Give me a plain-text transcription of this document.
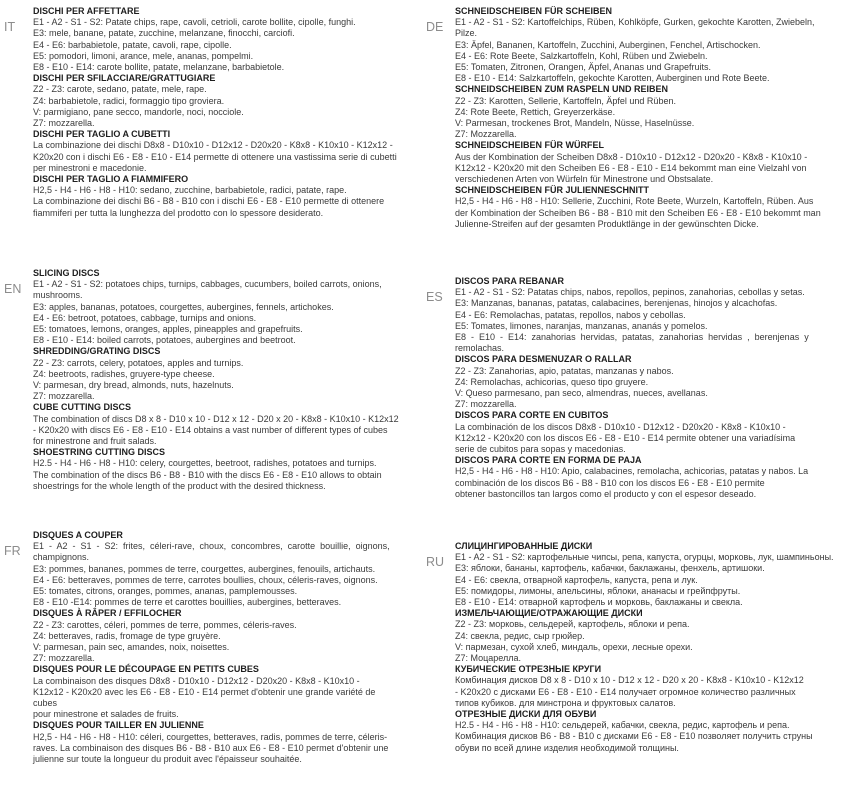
IT
DISCHI PER AFFETTARE
E1 - A2 - S1 - S2: Patate chips, rape, cavoli, cetrioli, carote bollite, cipolle, funghi.
E3: mele, banane, patate, zucchine, melanzane, finocchi, carciofi.
E4 - E6: barbabietole, patate, cavoli, rape, cipolle.
E5: pomodori, limoni, arance, mele, ananas, pompelmi.
E8 - E10 - E14: carote bollite, patate, melanzane, barbabietole.
DISCHI PER SFILACCIARE/GRATTUGIARE
Z2 - Z3: carote, sedano, patate, mele, rape.
Z4: barbabietole, radici, formaggio tipo groviera.
V: parmigiano, pane secco, mandorle, noci, nocciole.
Z7: mozzarella.
DISCHI PER TAGLIO A CUBETTI
La combinazione dei dischi D8x8 - D10x10 - D12x12 - D20x20 - K8x8 - K10x10 - K12x12 -
K20x20 con i dischi E6 - E8 - E10 - E14 permette di ottenere una vastissima serie di cubetti
per minestroni e macedonie.
DISCHI PER TAGLIO A FIAMMIFERO
H2,5 - H4 - H6 - H8 - H10: sedano, zucchine, barbabietole, radici, patate, rape.
La combinazione dei dischi B6 - B8 - B10 con i dischi E6 - E8 - E10 permette di ottenere
fiammiferi per tutta la lunghezza del prodotto con lo spessore desiderato.
EN
SLICING DISCS
E1 - A2 - S1 - S2: potatoes chips, turnips, cabbages, cucumbers, boiled carrots, onions,
mushrooms.
E3: apples, bananas, potatoes, courgettes, aubergines, fennels, artichokes.
E4 - E6: betroot, potatoes, cabbage, turnips and onions.
E5: tomatoes, lemons, oranges, apples, pineapples and grapefruits.
E8 - E10 - E14: boiled carrots, potatoes, aubergines and beetroot.
SHREDDING/GRATING DISCS
Z2 - Z3: carrots, celery, potatoes, apples and turnips.
Z4: beetroots, radishes, gruyere-type cheese.
V: parmesan, dry bread, almonds, nuts, hazelnuts.
Z7: mozzarella.
CUBE CUTTING DISCS
The combination of discs D8 x 8 - D10 x 10 - D12 x 12 - D20 x 20 - K8x8 - K10x10 - K12x12
- K20x20 with discs E6 - E8 - E10 - E14 obtains a vast number of different types of cubes
for minestrone and fruit salads.
SHOESTRING CUTTING DISCS
H2.5 - H4 - H6 - H8 - H10: celery, courgettes, beetroot, radishes, potatoes and turnips.
The combination of the discs B6 - B8 - B10 with the discs E6 - E8 - E10 allows to obtain
shoestrings for the whole length of the product with the desired thickness.
FR
DISQUES A COUPER
E1  -  A2  -  S1  -  S2:  frites,  céleri-rave,  choux,  concombres,  carotte  bouillie,  oignons,
champignons.
E3: pommes, bananes, pommes de terre, courgettes, aubergines, fenouils, artichauts.
E4 - E6: betteraves, pommes de terre, carrotes boullies, choux, céleris-raves, oignons.
E5: tomates, citrons, oranges, pommes, ananas, pamplemousses.
E8 - E10 -E14: pommes de terre et carottes bouillies, aubergines, betteraves.
DISQUES À RÂPER / EFFILOCHER
Z2 - Z3: carottes, céleri, pommes de terre, pommes, céleris-raves.
Z4: betteraves, radis, fromage de type gruyère.
V: parmesan, pain sec, amandes, noix, noisettes.
Z7: mozzarella.
DISQUES POUR LE DÉCOUPAGE EN PETITS CUBES
La combinaison des disques D8x8 - D10x10 - D12x12 - D20x20 - K8x8 - K10x10 -
K12x12 - K20x20 avec les E6 - E8 - E10 - E14 permet d'obtenir une grande variété de cubes
pour minestrone et salades de fruits.
DISQUES POUR TAILLER EN JULIENNE
H2,5 - H4 - H6 - H8 - H10: céleri, courgettes, betteraves, radis, pommes de terre, céleris-
raves. La combinaison des disques B6 - B8 - B10 aux E6 - E8 - E10 permet d'obtenir une
julienne sur toute la longueur du produit avec l'épaisseur souhaitée.
DE
SCHNEIDSCHEIBEN FÜR SCHEIBEN
E1 - A2 - S1 - S2: Kartoffelchips, Rüben, Kohlköpfe, Gurken, gekochte Karotten, Zwiebeln,
Pilze.
E3: Äpfel, Bananen, Kartoffeln, Zucchini, Auberginen, Fenchel, Artischocken.
E4 - E6: Rote Beete, Salzkartoffeln, Kohl, Rüben und Zwiebeln.
E5: Tomaten, Zitronen, Orangen, Äpfel, Ananas und Grapefruits.
E8 - E10 - E14: Salzkartoffeln, gekochte Karotten, Auberginen und Rote Beete.
SCHNEIDSCHEIBEN ZUM RASPELN UND REIBEN
Z2 - Z3: Karotten, Sellerie, Kartoffeln, Äpfel und Rüben.
Z4: Rote Beete, Rettich, Greyerzerkäse.
V: Parmesan, trockenes Brot, Mandeln, Nüsse, Haselnüsse.
Z7: Mozzarella.
SCHNEIDSCHEIBEN FÜR WÜRFEL
Aus der Kombination der Scheiben D8x8 - D10x10 - D12x12 - D20x20 - K8x8 - K10x10 -
K12x12 - K20x20 mit den Scheiben E6 - E8 - E10 - E14 bekommt man eine Vielzahl von
verschiedenen Arten von Würfeln für Minestrone und Obstsalate.
SCHNEIDSCHEIBEN FÜR JULIENNESCHNITT
H2,5 - H4 - H6 - H8 - H10: Sellerie, Zucchini, Rote Beete, Wurzeln, Kartoffeln, Rüben. Aus
der Kombination der Scheiben B6 - B8 - B10 mit den Scheiben E6 - E8 - E10 bekommt man
Julienne-Streifen auf der gesamten Produktlänge in der gewünschten Dicke.
ES
DISCOS PARA REBANAR
E1 - A2 - S1 - S2: Patatas chips, nabos, repollos, pepinos, zanahorias, cebollas y setas.
E3: Manzanas, bananas, patatas, calabacines, berenjenas, hinojos y alcachofas.
E4 - E6: Remolachas, patatas, repollos, nabos y cebollas.
E5: Tomates, limones, naranjas, manzanas, ananás y pomelos.
E8  -  E10  -  E14:  zanahorias  hervidas,  patatas,  zanahorias  hervidas  ,  berenjenas  y
remolachas.
DISCOS PARA DESMENUZAR O RALLAR
Z2 - Z3: Zanahorias, apio, patatas, manzanas y nabos.
Z4: Remolachas, achicorias, queso tipo gruyere.
V: Queso parmesano, pan seco, almendras, nueces, avellanas.
Z7: mozzarella.
DISCOS PARA CORTE EN CUBITOS
La combinación de los discos D8x8 - D10x10 - D12x12 - D20x20 - K8x8 - K10x10 -
K12x12 - K20x20 con los discos E6 - E8 - E10 - E14 permite obtener una variadísima
serie de cubitos para sopas y macedonias.
DISCOS PARA CORTE EN FORMA DE PAJA
H2,5 - H4 - H6 - H8 - H10: Apio, calabacines, remolacha, achicorias, patatas y nabos. La
combinación de los discos B6 - B8 - B10 con los discos E6 - E8 - E10 permite
obtener bastoncillos tan largos como el producto y con el espesor deseado.
RU
СЛИЦИНГИРОВАННЫЕ ДИСКИ
E1 - A2 - S1 - S2: картофельные чипсы, репа, капуста, огурцы, морковь, лук, шампиньоны.
E3: яблоки, бананы, картофель, кабачки, баклажаны, фенхель, артишоки.
E4 - E6: свекла, отварной картофель, капуста, репа и лук.
E5: помидоры, лимоны, апельсины, яблоки, ананасы и грейпфруты.
E8 - E10 - E14: отварной картофель и морковь, баклажаны и свекла.
ИЗМЕЛЬЧАЮЩИЕ/ОТРАЖАЮЩИЕ ДИСКИ
Z2 - Z3: морковь, сельдерей, картофель, яблоки и репа.
Z4: свекла, редис, сыр грюйер.
V: пармезан, сухой хлеб, миндаль, орехи, лесные орехи.
Z7: Моцарелла.
КУБИЧЕСКИЕ ОТРЕЗНЫЕ КРУГИ
Комбинация дисков D8 x 8 - D10 x 10 - D12 x 12 - D20 x 20 - K8x8 - K10x10 - K12x12
- K20x20 с дисками E6 - E8 - E10 - E14 получает огромное количество различных
типов кубиков. для минстрона и фруктовых салатов.
ОТРЕЗНЫЕ ДИСКИ ДЛЯ ОБУВИ
H2.5 - H4 - H6 - H8 - H10: сельдерей, кабачки, свекла, редис, картофель и репа.
Комбинация дисков B6 - B8 - B10 с дисками E6 - E8 - E10 позволяет получить струны
обуви по всей длине изделия необходимой толщины.
